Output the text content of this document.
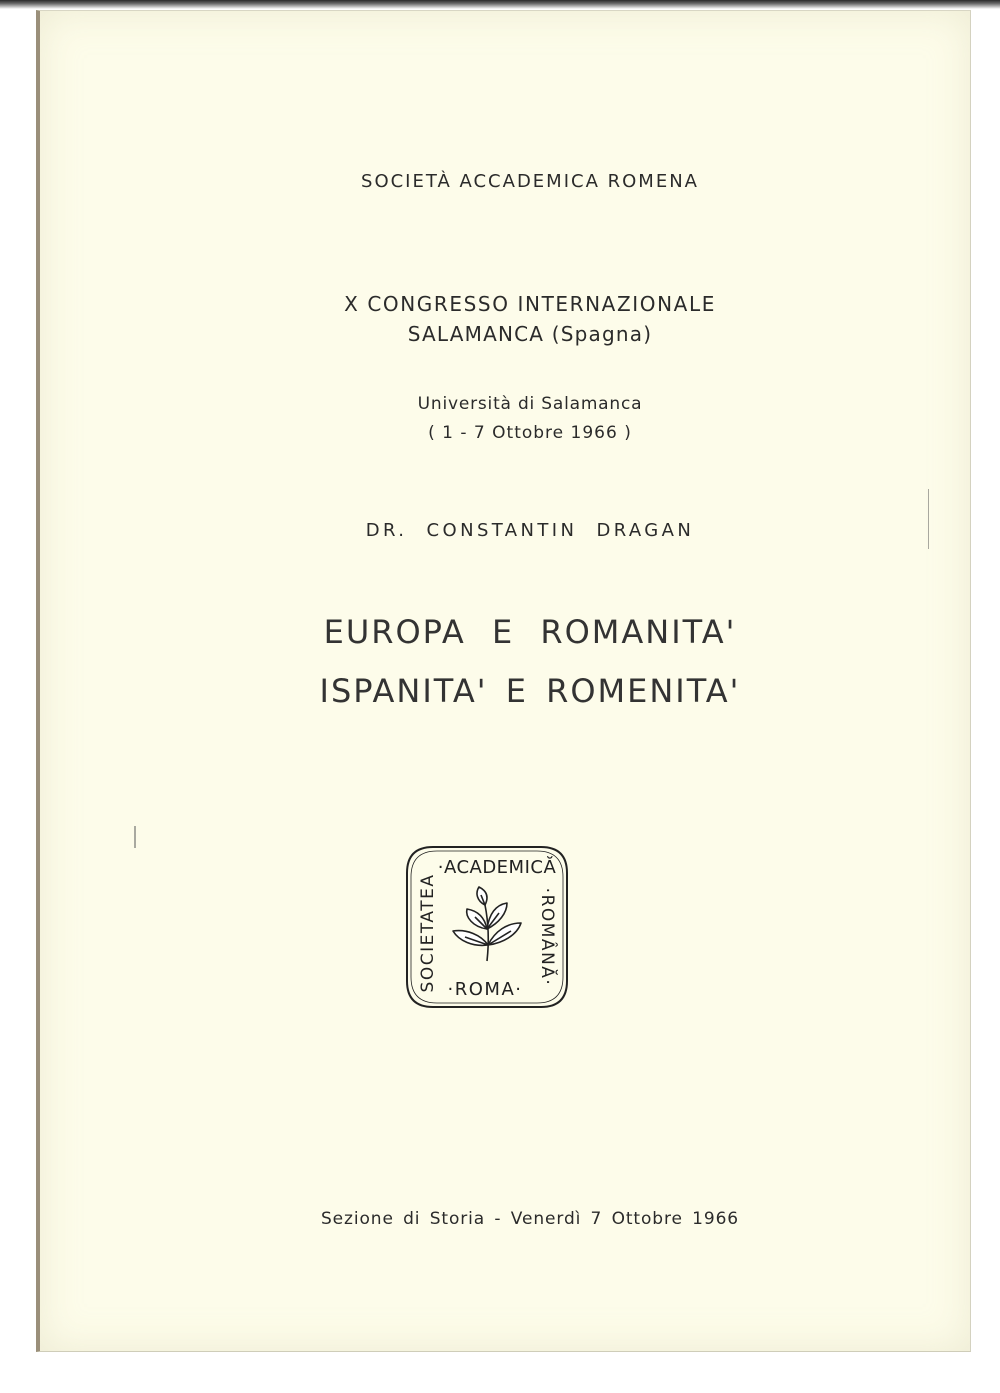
SOCIETÀ ACCADEMICA ROMENA
X CONGRESSO INTERNAZIONALE
SALAMANCA (Spagna)
Università di Salamanca
( 1 - 7 Ottobre 1966 )
DR. CONSTANTIN DRAGAN
EUROPA E ROMANITA'
ISPANITA' E ROMENITA'
Sezione di Storia - Venerdì 7 Ottobre 1966
·ACADEMICĂ
SOCIETATEA	·ROMÂNĂ·
·ROMA·
